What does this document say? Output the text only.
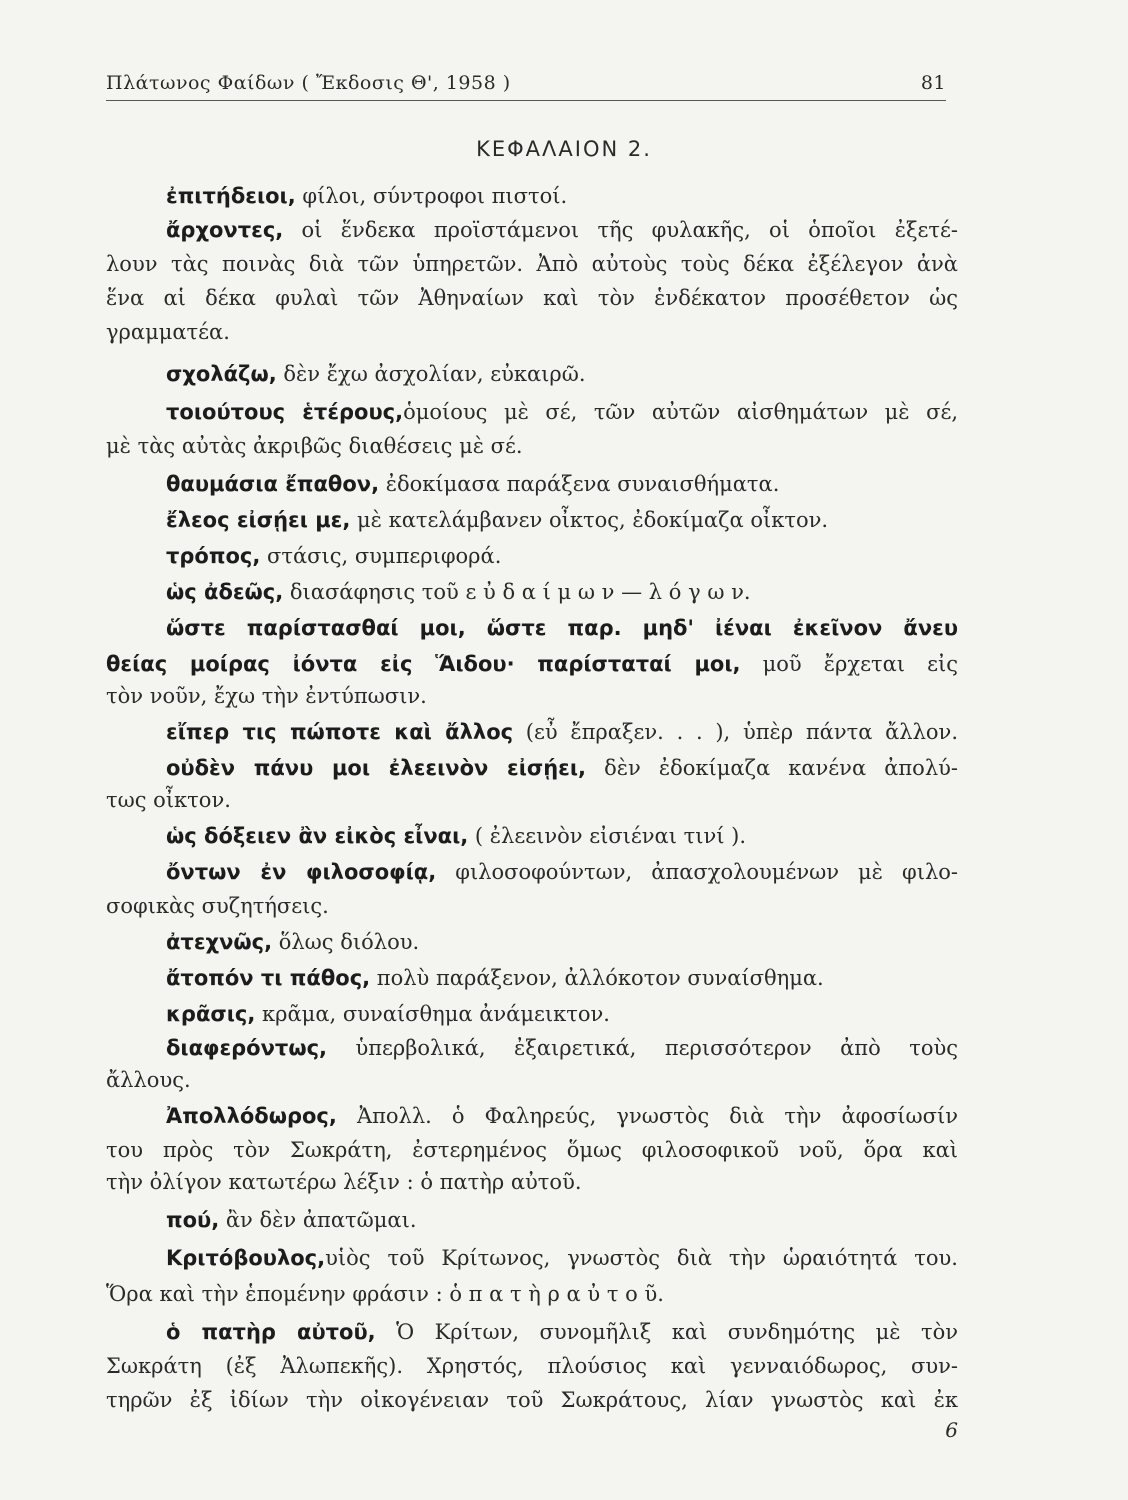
Πλάτωνος Φαίδων ( Ἔκδοσις Θ', 1958 )	81
ΚΕΦΑΛΑΙΟΝ 2.
ἐπιτήδειοι, φίλοι, σύντροφοι πιστοί.
ἄρχοντες, οἱ ἕνδεκα προϊστάμενοι τῆς φυλακῆς, οἱ ὁποῖοι ἐξετέ-
λουν τὰς ποινὰς διὰ τῶν ὑπηρετῶν. Ἀπὸ αὐτοὺς τοὺς δέκα ἐξέλεγον ἀνὰ
ἕνα αἱ δέκα φυλαὶ τῶν Ἀθηναίων καὶ τὸν ἑνδέκατον προσέθετον ὡς
γραμματέα.
σχολάζω, δὲν ἔχω ἀσχολίαν, εὐκαιρῶ.
τοιούτους ἑτέρους,ὁμοίους μὲ σέ, τῶν αὐτῶν αἰσθημάτων μὲ σέ,
μὲ τὰς αὐτὰς ἀκριβῶς διαθέσεις μὲ σέ.
θαυμάσια ἔπαθον, ἐδοκίμασα παράξενα συναισθήματα.
ἔλεος εἰσῄει με, μὲ κατελάμβανεν οἶκτος, ἐδοκίμαζα οἶκτον.
τρόπος, στάσις, συμπεριφορά.
ὡς ἀδεῶς, διασάφησις τοῦ ε ὐ δ α ί μ ω ν — λ ό γ ω ν.
ὥστε παρίστασθαί μοι, ὥστε παρ. μηδ' ἰέναι ἐκεῖνον ἄνευ
θείας μοίρας ἰόντα εἰς Ἅιδου· παρίσταταί μοι, μοῦ ἔρχεται εἰς
τὸν νοῦν, ἔχω τὴν ἐντύπωσιν.
εἴπερ τις πώποτε καὶ ἄλλος (εὖ ἔπραξεν. . . ), ὑπὲρ πάντα ἄλλον.
οὐδὲν πάνυ μοι ἐλεεινὸν εἰσῄει, δὲν ἐδοκίμαζα κανένα ἀπολύ-
τως οἶκτον.
ὡς δόξειεν ἂν εἰκὸς εἶναι, ( ἐλεεινὸν εἰσιέναι τινί ).
ὄντων ἐν φιλοσοφίᾳ, φιλοσοφούντων, ἀπασχολουμένων μὲ φιλο-
σοφικὰς συζητήσεις.
ἀτεχνῶς, ὅλως διόλου.
ἄτοπόν τι πάθος, πολὺ παράξενον, ἀλλόκοτον συναίσθημα.
κρᾶσις, κρᾶμα, συναίσθημα ἀνάμεικτον.
διαφερόντως, ὑπερβολικά, ἐξαιρετικά, περισσότερον ἀπὸ τοὺς
ἄλλους.
Ἀπολλόδωρος, Ἀπολλ. ὁ Φαληρεύς, γνωστὸς διὰ τὴν ἀφοσίωσίν
του πρὸς τὸν Σωκράτη, ἐστερημένος ὅμως φιλοσοφικοῦ νοῦ, ὅρα καὶ
τὴν ὀλίγον κατωτέρω λέξιν : ὁ πατὴρ αὐτοῦ.
πού, ἂν δὲν ἀπατῶμαι.
Κριτόβουλος,υἱὸς τοῦ Κρίτωνος, γνωστὸς διὰ τὴν ὡραιότητά του.
Ὅρα καὶ τὴν ἑπομένην φράσιν : ὁ π α τ ὴ ρ α ὐ τ ο ῦ.
ὁ πατὴρ αὐτοῦ, Ὁ Κρίτων, συνομῆλιξ καὶ συνδημότης μὲ τὸν
Σωκράτη (ἐξ Ἀλωπεκῆς). Χρηστός, πλούσιος καὶ γενναιόδωρος, συν-
τηρῶν ἐξ ἰδίων τὴν οἰκογένειαν τοῦ Σωκράτους, λίαν γνωστὸς καὶ ἐκ
6
